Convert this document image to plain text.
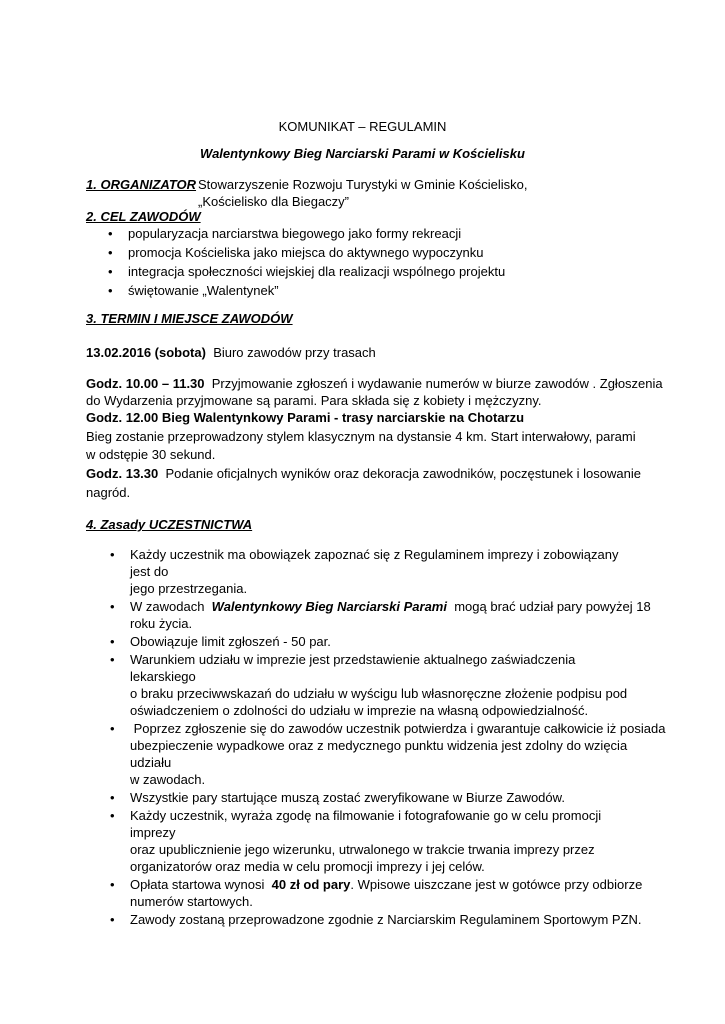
KOMUNIKAT – REGULAMIN
Walentynkowy Bieg Narciarski Parami w Kościelisku
1. ORGANIZATOR Stowarzyszenie Rozwoju Turystyki w Gminie Kościelisko,
„Kościelisko dla Biegaczy”
2. CEL ZAWODÓW
• popularyzacja narciarstwa biegowego jako formy rekreacji
• promocja Kościeliska jako miejsca do aktywnego wypoczynku
• integracja społeczności wiejskiej dla realizacji wspólnego projektu
• świętowanie „Walentynek”
3. TERMIN I MIEJSCE ZAWODÓW
13.02.2016 (sobota) Biuro zawodów przy trasach
Godz. 10.00 – 11.30 Przyjmowanie zgłoszeń i wydawanie numerów w biurze zawodów . Zgłoszenia
do Wydarzenia przyjmowane są parami. Para składa się z kobiety i mężczyzny.
Godz. 12.00 Bieg Walentynkowy Parami - trasy narciarskie na Chotarzu
Bieg zostanie przeprowadzony stylem klasycznym na dystansie 4 km. Start interwałowy, parami
w odstępie 30 sekund.
Godz. 13.30 Podanie oficjalnych wyników oraz dekoracja zawodników, poczęstunek i losowanie
nagród.
4. Zasady UCZESTNICTWA
• Każdy uczestnik ma obowiązek zapoznać się z Regulaminem imprezy i zobowiązany jest do
jego przestrzegania.
• W zawodach Walentynkowy Bieg Narciarski Parami mogą brać udział pary powyżej 18
roku życia.
• Obowiązuje limit zgłoszeń - 50 par.
• Warunkiem udziału w imprezie jest przedstawienie aktualnego zaświadczenia lekarskiego
o braku przeciwwskazań do udziału w wyścigu lub własnoręczne złożenie podpisu pod
oświadczeniem o zdolności do udziału w imprezie na własną odpowiedzialność.
•  Poprzez zgłoszenie się do zawodów uczestnik potwierdza i gwarantuje całkowicie iż posiada
ubezpieczenie wypadkowe oraz z medycznego punktu widzenia jest zdolny do wzięcia udziału
w zawodach.
• Wszystkie pary startujące muszą zostać zweryfikowane w Biurze Zawodów.
• Każdy uczestnik, wyraża zgodę na filmowanie i fotografowanie go w celu promocji imprezy
oraz upublicznienie jego wizerunku, utrwalonego w trakcie trwania imprezy przez
organizatorów oraz media w celu promocji imprezy i jej celów.
• Opłata startowa wynosi 40 zł od pary. Wpisowe uiszczane jest w gotówce przy odbiorze
numerów startowych.
• Zawody zostaną przeprowadzone zgodnie z Narciarskim Regulaminem Sportowym PZN.
